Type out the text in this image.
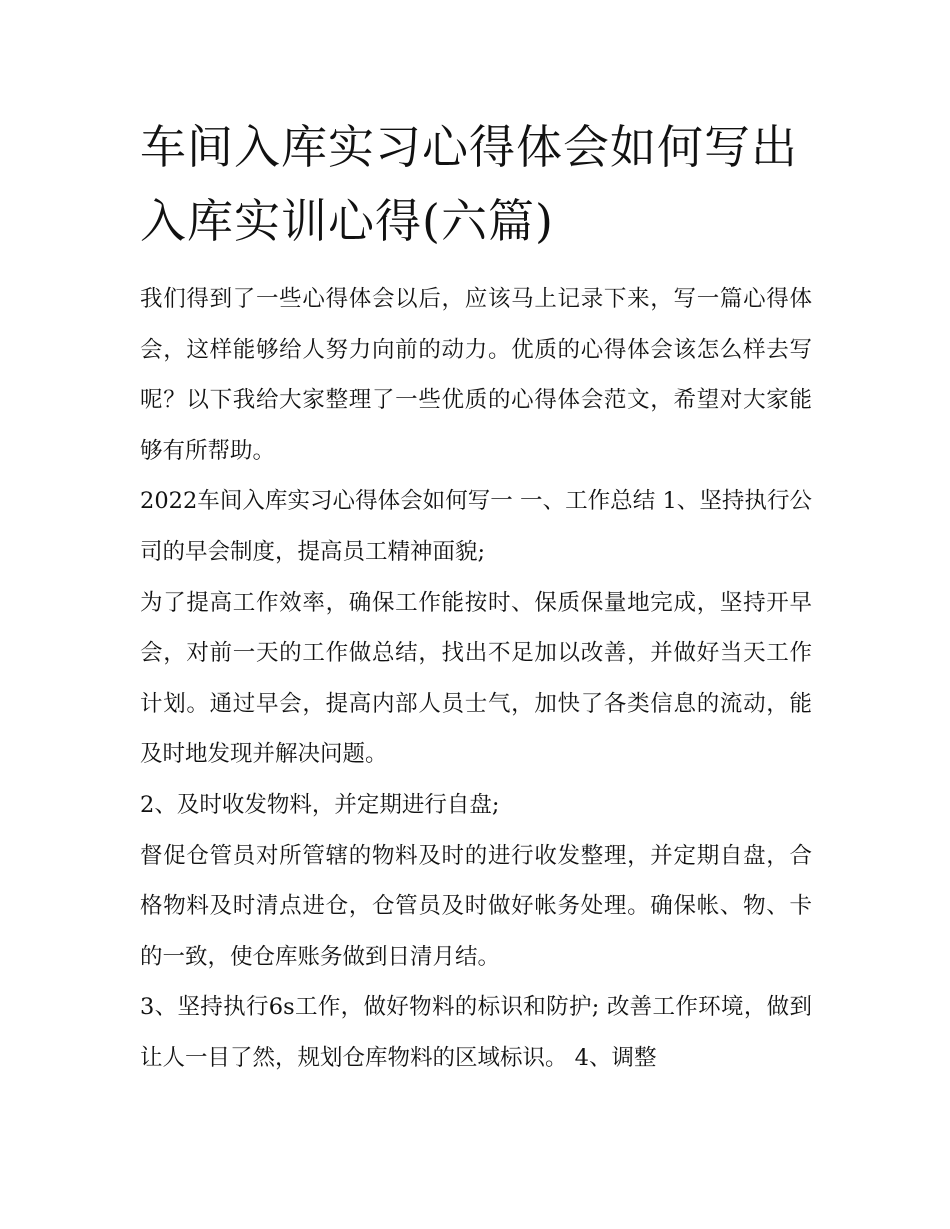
车间入库实习心得体会如何写出入库实训心得(六篇)

我们得到了一些心得体会以后，应该马上记录下来，写一篇心得体会，这样能够给人努力向前的动力。优质的心得体会该怎么样去写呢？以下我给大家整理了一些优质的心得体会范文，希望对大家能够有所帮助。

2022车间入库实习心得体会如何写一 一、工作总结 1、坚持执行公司的早会制度，提高员工精神面貌;

为了提高工作效率，确保工作能按时、保质保量地完成，坚持开早会，对前一天的工作做总结，找出不足加以改善，并做好当天工作计划。通过早会，提高内部人员士气，加快了各类信息的流动，能及时地发现并解决问题。

2、及时收发物料，并定期进行自盘;

督促仓管员对所管辖的物料及时的进行收发整理，并定期自盘，合格物料及时清点进仓，仓管员及时做好帐务处理。确保帐、物、卡的一致，使仓库账务做到日清月结。

3、坚持执行6s工作，做好物料的标识和防护; 改善工作环境，做到让人一目了然，规划仓库物料的区域标识。 4、调整
